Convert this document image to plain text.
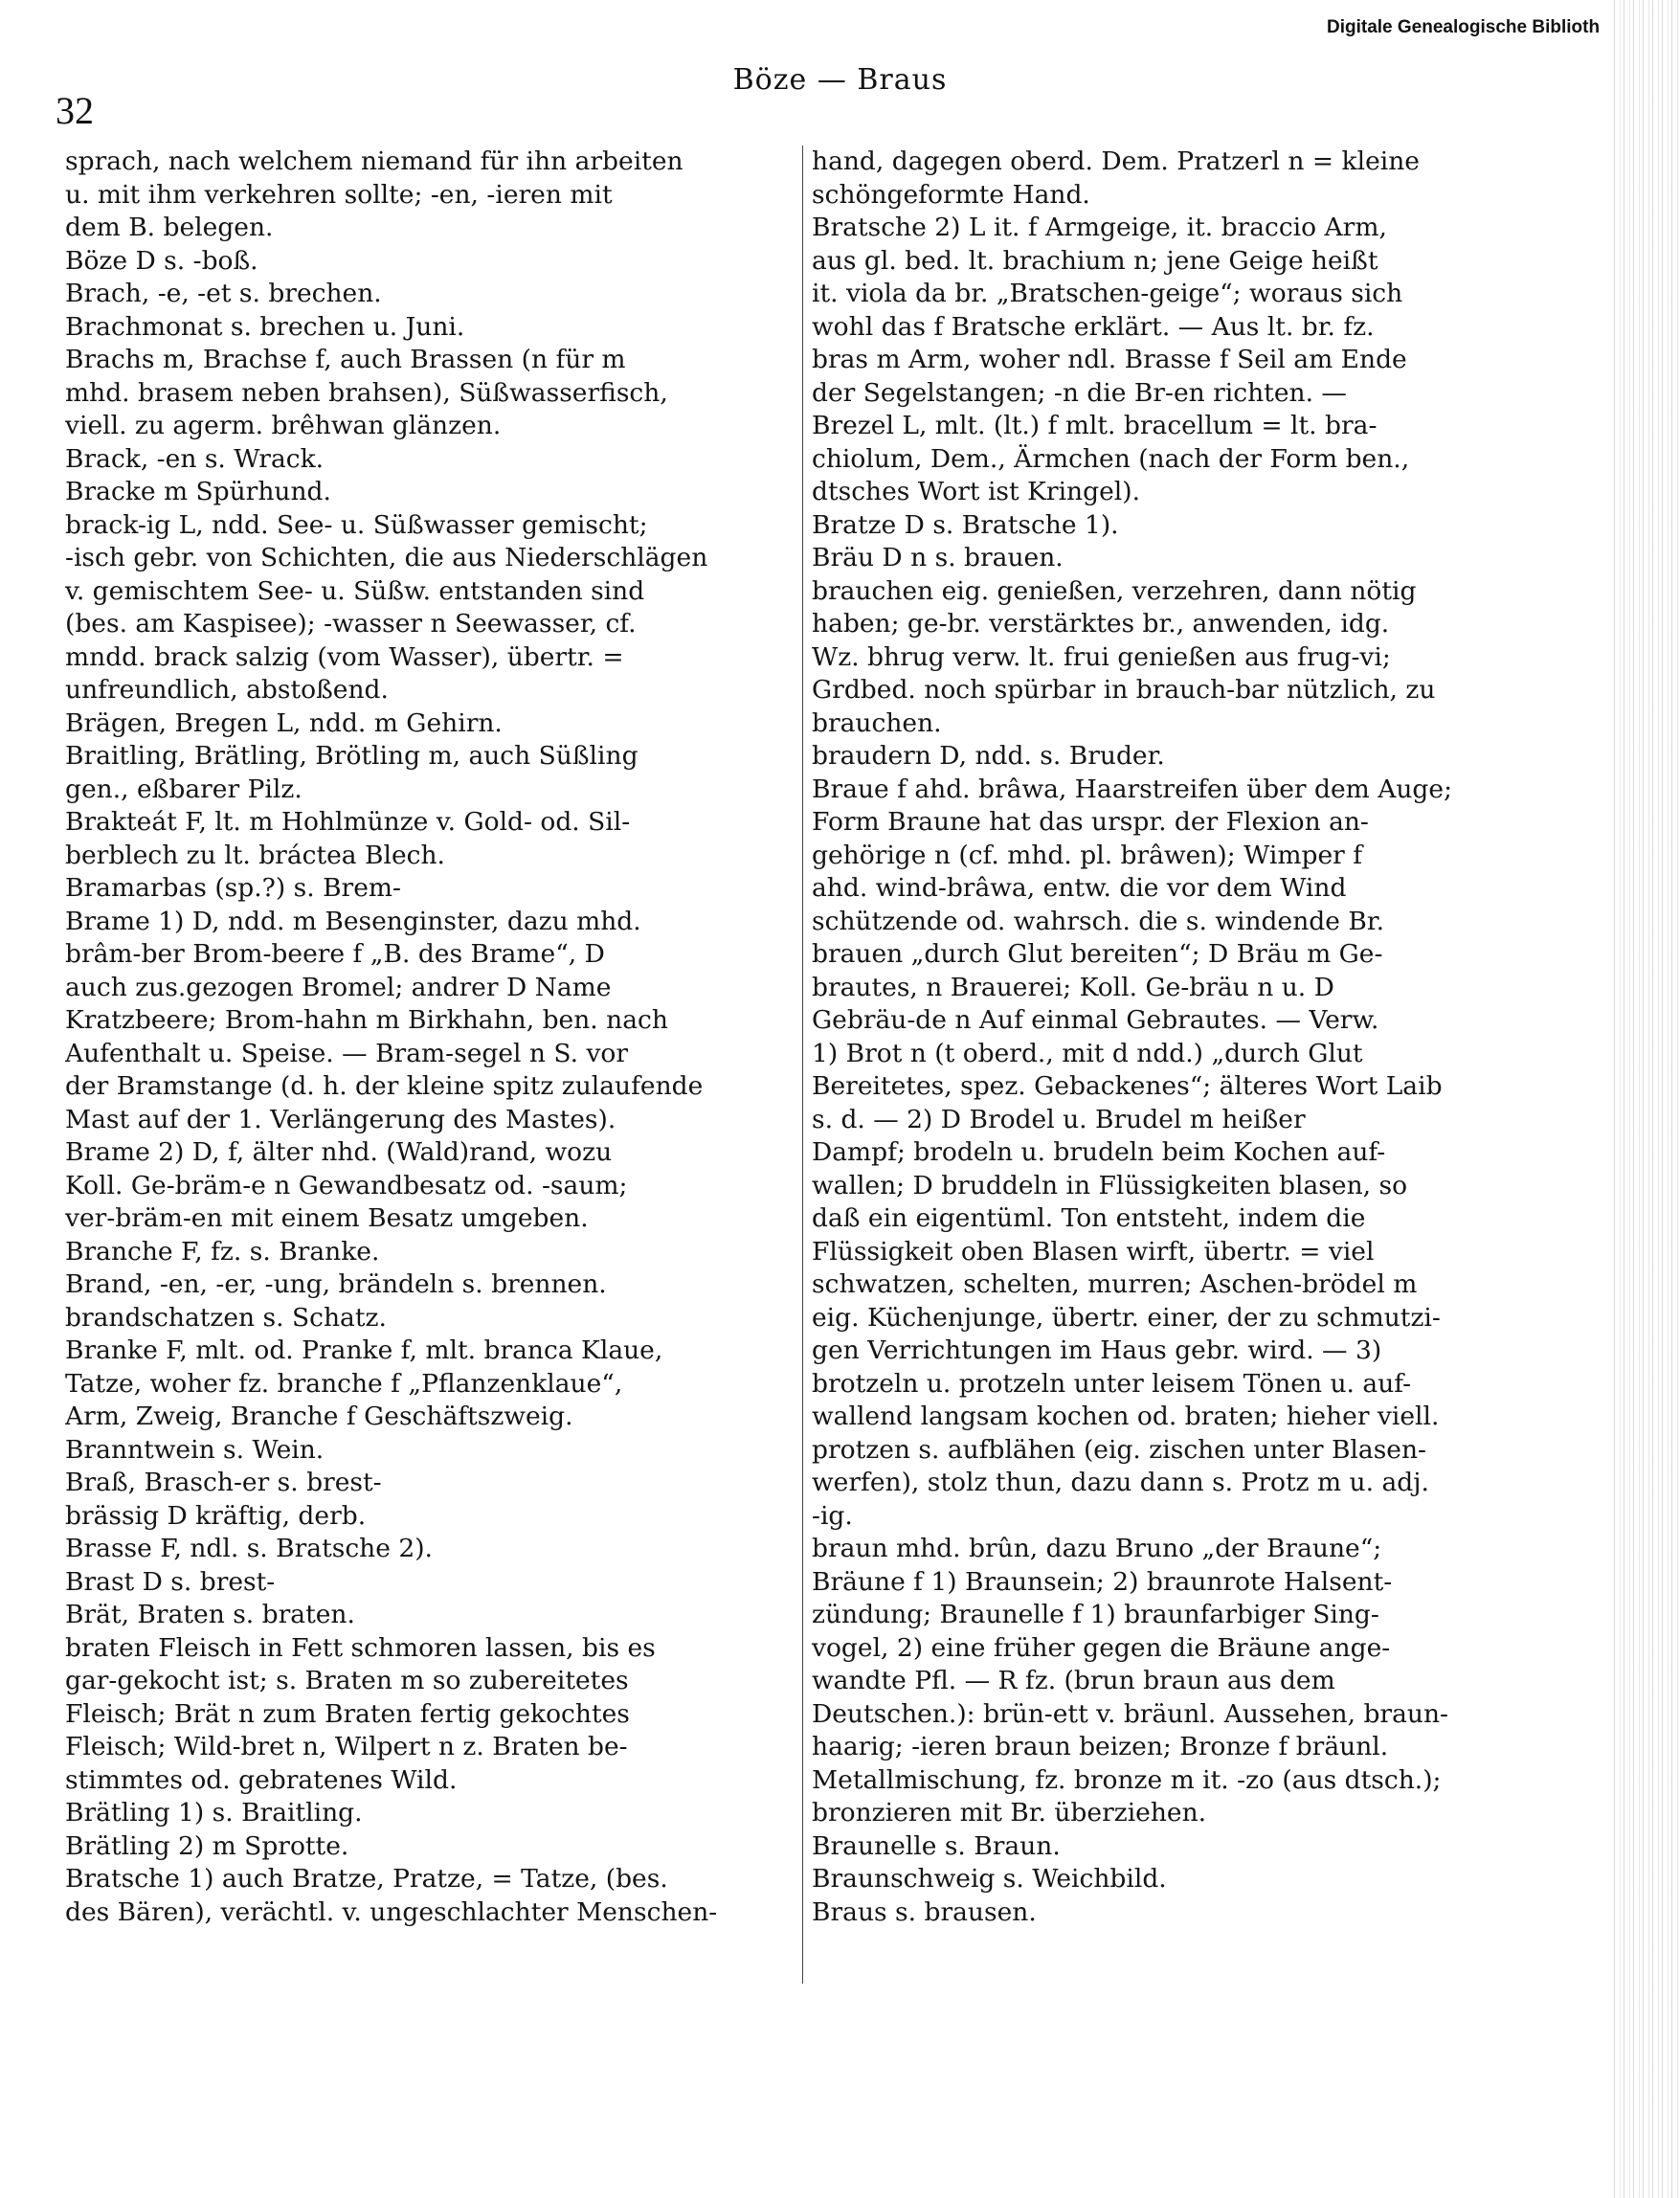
Digitale Genealogische Biblioth
32
Böze — Braus
sprach, nach welchem niemand für ihn arbeiten
u. mit ihm verkehren sollte; -en, -ieren mit
dem B. belegen.
Böze D s. -boß.
Brach, -e, -et s. brechen.
Brachmonat s. brechen u. Juni.
Brachs m, Brachse f, auch Brassen (n für m
mhd. brasem neben brahsen), Süßwasserfisch,
viell. zu agerm. brêhwan glänzen.
Brack, -en s. Wrack.
Bracke m Spürhund.
brack-ig L, ndd. See- u. Süßwasser gemischt;
-isch gebr. von Schichten, die aus Niederschlägen
v. gemischtem See- u. Süßw. entstanden sind
(bes. am Kaspisee); -wasser n Seewasser, cf.
mndd. brack salzig (vom Wasser), übertr. =
unfreundlich, abstoßend.
Brägen, Bregen L, ndd. m Gehirn.
Braitling, Brätling, Brötling m, auch Süßling
gen., eßbarer Pilz.
Brakteát F, lt. m Hohlmünze v. Gold- od. Sil-
berblech zu lt. bráctea Blech.
Bramarbas (sp.?) s. Brem-
Brame 1) D, ndd. m Besenginster, dazu mhd.
brâm-ber Brom-beere f „B. des Brame“, D
auch zus.gezogen Bromel; andrer D Name
Kratzbeere; Brom-hahn m Birkhahn, ben. nach
Aufenthalt u. Speise. — Bram-segel n S. vor
der Bramstange (d. h. der kleine spitz zulaufende
Mast auf der 1. Verlängerung des Mastes).
Brame 2) D, f, älter nhd. (Wald)rand, wozu
Koll. Ge-bräm-e n Gewandbesatz od. -saum;
ver-bräm-en mit einem Besatz umgeben.
Branche F, fz. s. Branke.
Brand, -en, -er, -ung, brändeln s. brennen.
brandschatzen s. Schatz.
Branke F, mlt. od. Pranke f, mlt. branca Klaue,
Tatze, woher fz. branche f „Pflanzenklaue“,
Arm, Zweig, Branche f Geschäftszweig.
Branntwein s. Wein.
Braß, Brasch-er s. brest-
brässig D kräftig, derb.
Brasse F, ndl. s. Bratsche 2).
Brast D s. brest-
Brät, Braten s. braten.
braten Fleisch in Fett schmoren lassen, bis es
gar-gekocht ist; s. Braten m so zubereitetes
Fleisch; Brät n zum Braten fertig gekochtes
Fleisch; Wild-bret n, Wilpert n z. Braten be-
stimmtes od. gebratenes Wild.
Brätling 1) s. Braitling.
Brätling 2) m Sprotte.
Bratsche 1) auch Bratze, Pratze, = Tatze, (bes.
des Bären), verächtl. v. ungeschlachter Menschen-
hand, dagegen oberd. Dem. Pratzerl n = kleine
schöngeformte Hand.
Bratsche 2) L it. f Armgeige, it. braccio Arm,
aus gl. bed. lt. brachium n; jene Geige heißt
it. viola da br. „Bratschen-geige“; woraus sich
wohl das f Bratsche erklärt. — Aus lt. br. fz.
bras m Arm, woher ndl. Brasse f Seil am Ende
der Segelstangen; -n die Br-en richten. —
Brezel L, mlt. (lt.) f mlt. bracellum = lt. bra-
chiolum, Dem., Ärmchen (nach der Form ben.,
dtsches Wort ist Kringel).
Bratze D s. Bratsche 1).
Bräu D n s. brauen.
brauchen eig. genießen, verzehren, dann nötig
haben; ge-br. verstärktes br., anwenden, idg.
Wz. bhrug verw. lt. frui genießen aus frug-vi;
Grdbed. noch spürbar in brauch-bar nützlich, zu
brauchen.
braudern D, ndd. s. Bruder.
Braue f ahd. brâwa, Haarstreifen über dem Auge;
Form Braune hat das urspr. der Flexion an-
gehörige n (cf. mhd. pl. brâwen); Wimper f
ahd. wind-brâwa, entw. die vor dem Wind
schützende od. wahrsch. die s. windende Br.
brauen „durch Glut bereiten“; D Bräu m Ge-
brautes, n Brauerei; Koll. Ge-bräu n u. D
Gebräu-de n Auf einmal Gebrautes. — Verw.
1) Brot n (t oberd., mit d ndd.) „durch Glut
Bereitetes, spez. Gebackenes“; älteres Wort Laib
s. d. — 2) D Brodel u. Brudel m heißer
Dampf; brodeln u. brudeln beim Kochen auf-
wallen; D bruddeln in Flüssigkeiten blasen, so
daß ein eigentüml. Ton entsteht, indem die
Flüssigkeit oben Blasen wirft, übertr. = viel
schwatzen, schelten, murren; Aschen-brödel m
eig. Küchenjunge, übertr. einer, der zu schmutzi-
gen Verrichtungen im Haus gebr. wird. — 3)
brotzeln u. protzeln unter leisem Tönen u. auf-
wallend langsam kochen od. braten; hieher viell.
protzen s. aufblähen (eig. zischen unter Blasen-
werfen), stolz thun, dazu dann s. Protz m u. adj.
-ig.
braun mhd. brûn, dazu Bruno „der Braune“;
Bräune f 1) Braunsein; 2) braunrote Halsent-
zündung; Braunelle f 1) braunfarbiger Sing-
vogel, 2) eine früher gegen die Bräune ange-
wandte Pfl. — R fz. (brun braun aus dem
Deutschen.): brün-ett v. bräunl. Aussehen, braun-
haarig; -ieren braun beizen; Bronze f bräunl.
Metallmischung, fz. bronze m it. -zo (aus dtsch.);
bronzieren mit Br. überziehen.
Braunelle s. Braun.
Braunschweig s. Weichbild.
Braus s. brausen.
